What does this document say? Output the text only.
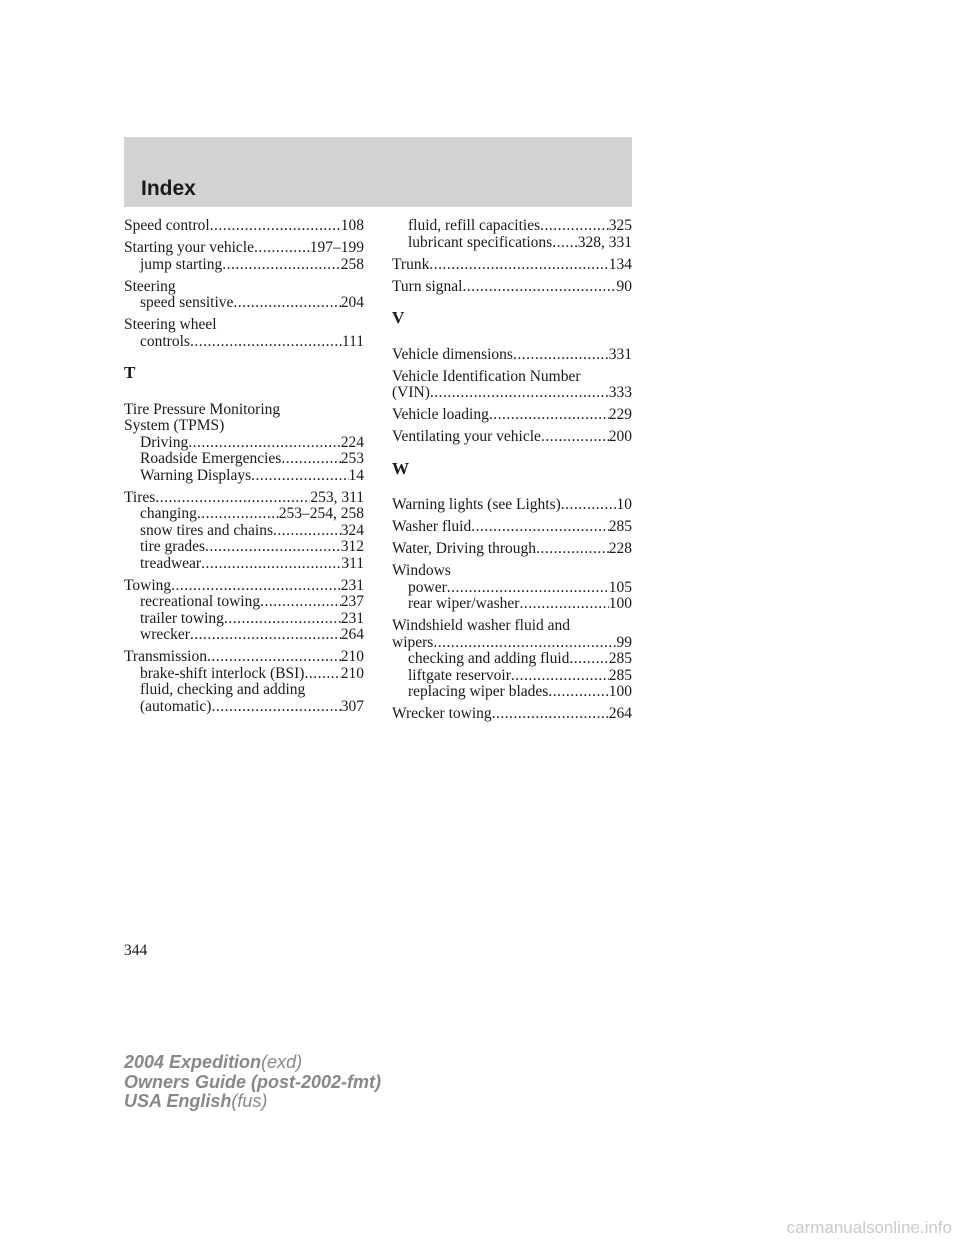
Index
Speed control .....	108
Starting your vehicle .....	197–199
jump starting .....	258
Steering
speed sensitive .....	204
Steering wheel
controls .....	111
T
Tire Pressure Monitoring
System (TPMS)
Driving .....	224
Roadside Emergencies .....	253
Warning Displays .....	14
Tires .....	253, 311
changing .....	253–254, 258
snow tires and chains .....	324
tire grades .....	312
treadwear .....	311
Towing .....	231
recreational towing .....	237
trailer towing .....	231
wrecker .....	264
Transmission .....	210
brake-shift interlock (BSI) ..... 210
fluid, checking and adding
(automatic) .....	307
fluid, refill capacities .....	325
lubricant specifications ..... 328, 331
Trunk .....	134
Turn signal .....	90
V
Vehicle dimensions .....	331
Vehicle Identification Number
(VIN) .....	333
Vehicle loading .....	229
Ventilating your vehicle .....	200
W
Warning lights (see Lights) .....	10
Washer fluid .....	285
Water, Driving through .....	228
Windows
power .....	105
rear wiper/washer .....	100
Windshield washer fluid and
wipers .....	99
checking and adding fluid .....	285
liftgate reservoir .....	285
replacing wiper blades .....	100
Wrecker towing .....	264
344
2004 Expedition(exd)
Owners Guide (post-2002-fmt)
USA English(fus)
carmanualsonline.info
